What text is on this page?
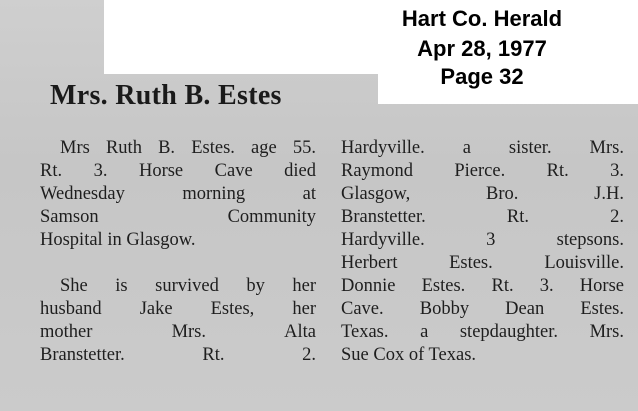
Hart Co. Herald
Apr 28, 1977
Page 32
Mrs. Ruth B. Estes
Mrs Ruth B. Estes. age 55.
Rt. 3. Horse Cave died
Wednesday morning at
Samson Community
Hospital in Glasgow.
She is survived by her
husband Jake Estes, her
mother Mrs. Alta
Branstetter. Rt. 2.
Hardyville. a sister. Mrs.
Raymond Pierce. Rt. 3.
Glasgow, Bro. J.H.
Branstetter. Rt. 2.
Hardyville. 3 stepsons.
Herbert Estes. Louisville.
Donnie Estes. Rt. 3. Horse
Cave. Bobby Dean Estes.
Texas. a stepdaughter. Mrs.
Sue Cox of Texas.
